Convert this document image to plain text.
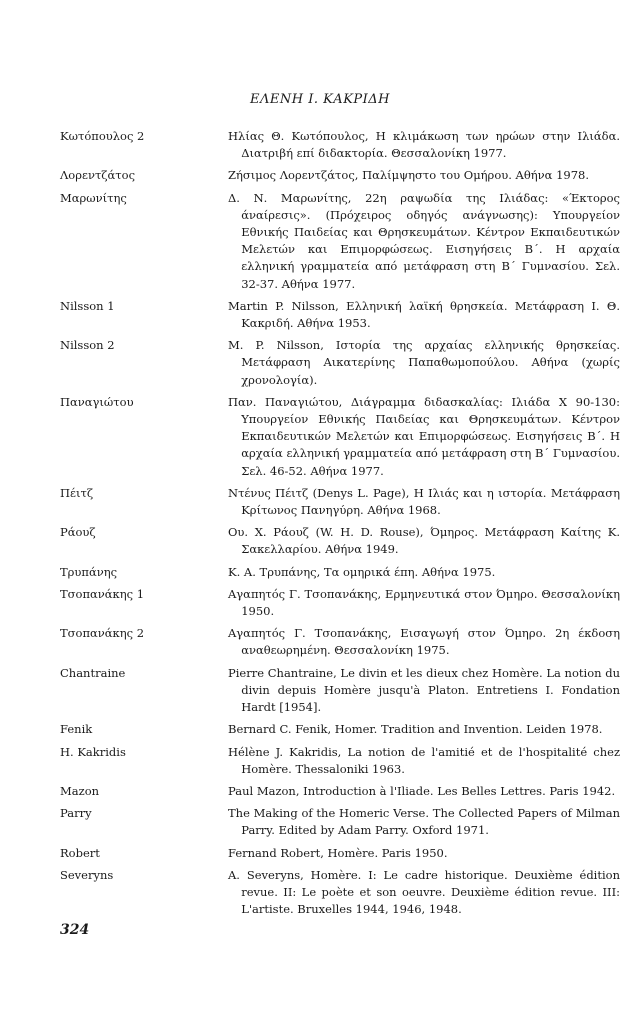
ΕΛΕΝΗ Ι. ΚΑΚΡΙΔΗ
Κωτόπουλος 2	Ηλίας Θ. Κωτόπουλος, Η κλιμάκωση των ηρώων στην Ιλιάδα. Διατριβή επί διδακτορία. Θεσσαλονίκη 1977.
Λορεντζάτος	Ζήσιμος Λορεντζάτος, Παλίμψηστο του Ομήρου. Αθήνα 1978.
Μαρωνίτης	Δ. Ν. Μαρωνίτης, 22η ραψωδία της Ιλιάδας: «Έκτορος άναίρεσις». (Πρόχειρος οδηγός ανάγνωσης): Υπουργείον Εθνικής Παιδείας και Θρησκευμάτων. Κέντρον Εκπαιδευτικών Μελετών και Επιμορφώσεως. Εισηγήσεις Β΄. Η αρχαία ελληνική γραμματεία από μετάφραση στη Β΄ Γυμνασίου. Σελ. 32-37. Αθήνα 1977.
Nilsson 1	Martin P. Nilsson, Ελληνική λαϊκή θρησκεία. Μετάφραση Ι. Θ. Κακριδή. Αθήνα 1953.
Nilsson 2	M. P. Nilsson, Ιστορία της αρχαίας ελληνικής θρησκείας. Μετάφραση Αικατερίνης Παπαθωμοπούλου. Αθήνα (χωρίς χρονολογία).
Παναγιώτου	Παν. Παναγιώτου, Διάγραμμα διδασκαλίας: Ιλιάδα Χ 90-130: Υπουργείον Εθνικής Παιδείας και Θρησκευμάτων. Κέντρον Εκπαιδευτικών Μελετών και Επιμορφώσεως. Εισηγήσεις Β΄. Η αρχαία ελληνική γραμματεία από μετάφραση στη Β΄ Γυμνασίου. Σελ. 46-52. Αθήνα 1977.
Πέιτζ	Ντένυς Πέιτζ (Denys L. Page), Η Ιλιάς και η ιστορία. Μετάφραση Κρίτωνος Πανηγύρη. Αθήνα 1968.
Ράουζ	Ου. Χ. Ράουζ (W. H. D. Rouse), Όμηρος. Μετάφραση Καίτης Κ. Σακελλαρίου. Αθήνα 1949.
Τρυπάνης	Κ. Α. Τρυπάνης, Τα ομηρικά έπη. Αθήνα 1975.
Τσοπανάκης 1	Αγαπητός Γ. Τσοπανάκης, Ερμηνευτικά στον Όμηρο. Θεσσαλονίκη 1950.
Τσοπανάκης 2	Αγαπητός Γ. Τσοπανάκης, Εισαγωγή στον Όμηρο. 2η έκδοση αναθεωρημένη. Θεσσαλονίκη 1975.
Chantraine	Pierre Chantraine, Le divin et les dieux chez Homère. La notion du divin depuis Homère jusqu'à Platon. Entretiens I. Fondation Hardt [1954].
Fenik	Bernard C. Fenik, Homer. Tradition and Invention. Leiden 1978.
H. Kakridis	Hélène J. Kakridis, La notion de l'amitié et de l'hospitalité chez Homère. Thessaloniki 1963.
Mazon	Paul Mazon, Introduction à l'Iliade. Les Belles Lettres. Paris 1942.
Parry	The Making of the Homeric Verse. The Collected Papers of Milman Parry. Edited by Adam Parry. Oxford 1971.
Robert	Fernand Robert, Homère. Paris 1950.
Severyns	A. Severyns, Homère. I: Le cadre historique. Deuxième édition revue. II: Le poète et son oeuvre. Deuxième édition revue. III: L'artiste. Bruxelles 1944, 1946, 1948.
324
